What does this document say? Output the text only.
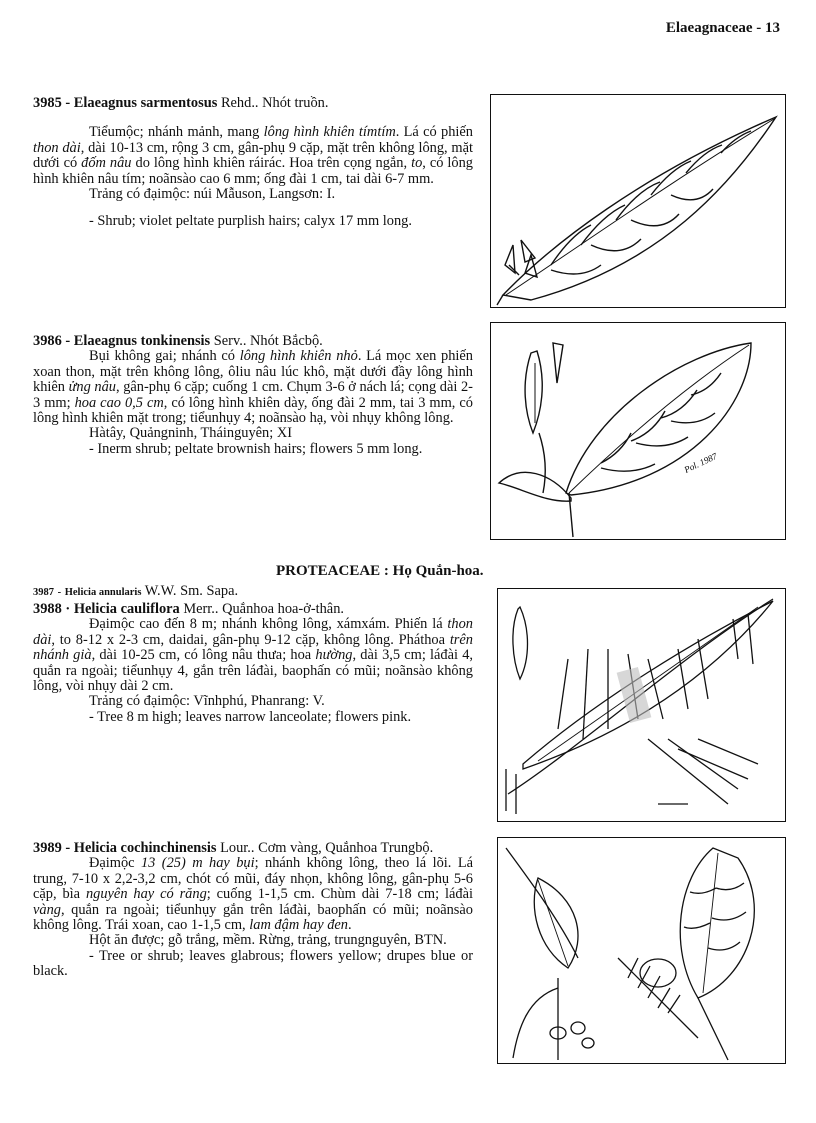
Elaeagnaceae - 13

3985 - Elaeagnus sarmentosus Rehd.. Nhót truồn.

Tiểumộc; nhánh mảnh, mang lông hình khiên tímtím. Lá có phiến thon dài, dài 10-13 cm, rộng 3 cm, gân-phụ 9 cặp, mặt trên không lông, mặt dưới có đốm nâu do lông hình khiên ráirác. Hoa trên cọng ngắn, to, có lông hình khiên nâu tím; noãnsào cao 6 mm; ống đài 1 cm, tai dài 6-7 mm.

Trảng có đạimộc: núi Mẫuson, Langsơn: I.

- Shrub; violet peltate purplish hairs; calyx 17 mm long.

3986 - Elaeagnus tonkinensis Serv.. Nhót Bắcbộ.

Bụi không gai; nhánh có lông hình khiên nhỏ. Lá mọc xen phiến xoan thon, mặt trên không lông, ôliu nâu lúc khô, mặt dưới đầy lông hình khiên ửng nâu, gân-phụ 6 cặp; cuống 1 cm. Chụm 3-6 ở nách lá; cọng dài 2-3 mm; hoa cao 0,5 cm, có lông hình khiên dày, ống đài 2 mm, tai 3 mm, có lông hình khiên mặt trong; tiểunhụy 4; noãnsào hạ, vòi nhụy không lông.

Hàtây, Quảngninh, Tháinguyên; XI

- Inerm shrub; peltate brownish hairs; flowers 5 mm long.

PROTEACEAE : Họ Quắn-hoa.

3987 - Helicia annularis W.W. Sm. Sapa.

3988 · Helicia cauliflora Merr.. Quắnhoa hoa-ở-thân.

Đạimộc cao đến 8 m; nhánh không lông, xámxám. Phiến lá thon dài, to 8-12 x 2-3 cm, daidai, gân-phụ 9-12 cặp, không lông. Pháthoa trên nhánh già, dài 10-25 cm, có lông nâu thưa; hoa hường, dài 3,5 cm; láđài 4, quắn ra ngoài; tiểunhụy 4, gắn trên láđài, baophấn có mũi; noãnsào không lông, vòi nhụy dài 2 cm.

Trảng có đạimộc: Vĩnhphú, Phanrang: V.

- Tree 8 m high; leaves narrow lanceolate; flowers pink.

3989 - Helicia cochinchinensis Lour.. Cơm vàng, Quắnhoa Trungbộ.

Đạimộc 13 (25) m hay bụi; nhánh không lông, theo lá lõi. Lá trung, 7-10 x 2,2-3,2 cm, chót có mũi, đáy nhọn, không lông, gân-phụ 5-6 cặp, bìa nguyên hay có răng; cuống 1-1,5 cm. Chùm dài 7-18 cm; láđài vàng, quắn ra ngoài; tiểunhụy gắn trên láđài, baophấn có mũi; noãnsào không lông. Trái xoan, cao 1-1,5 cm, lam đậm hay đen.

Hột ăn được; gỗ trắng, mềm. Rừng, trảng, trungnguyên, BTN.

- Tree or shrub; leaves glabrous; flowers yellow; drupes blue or black.

Pol. 1987
